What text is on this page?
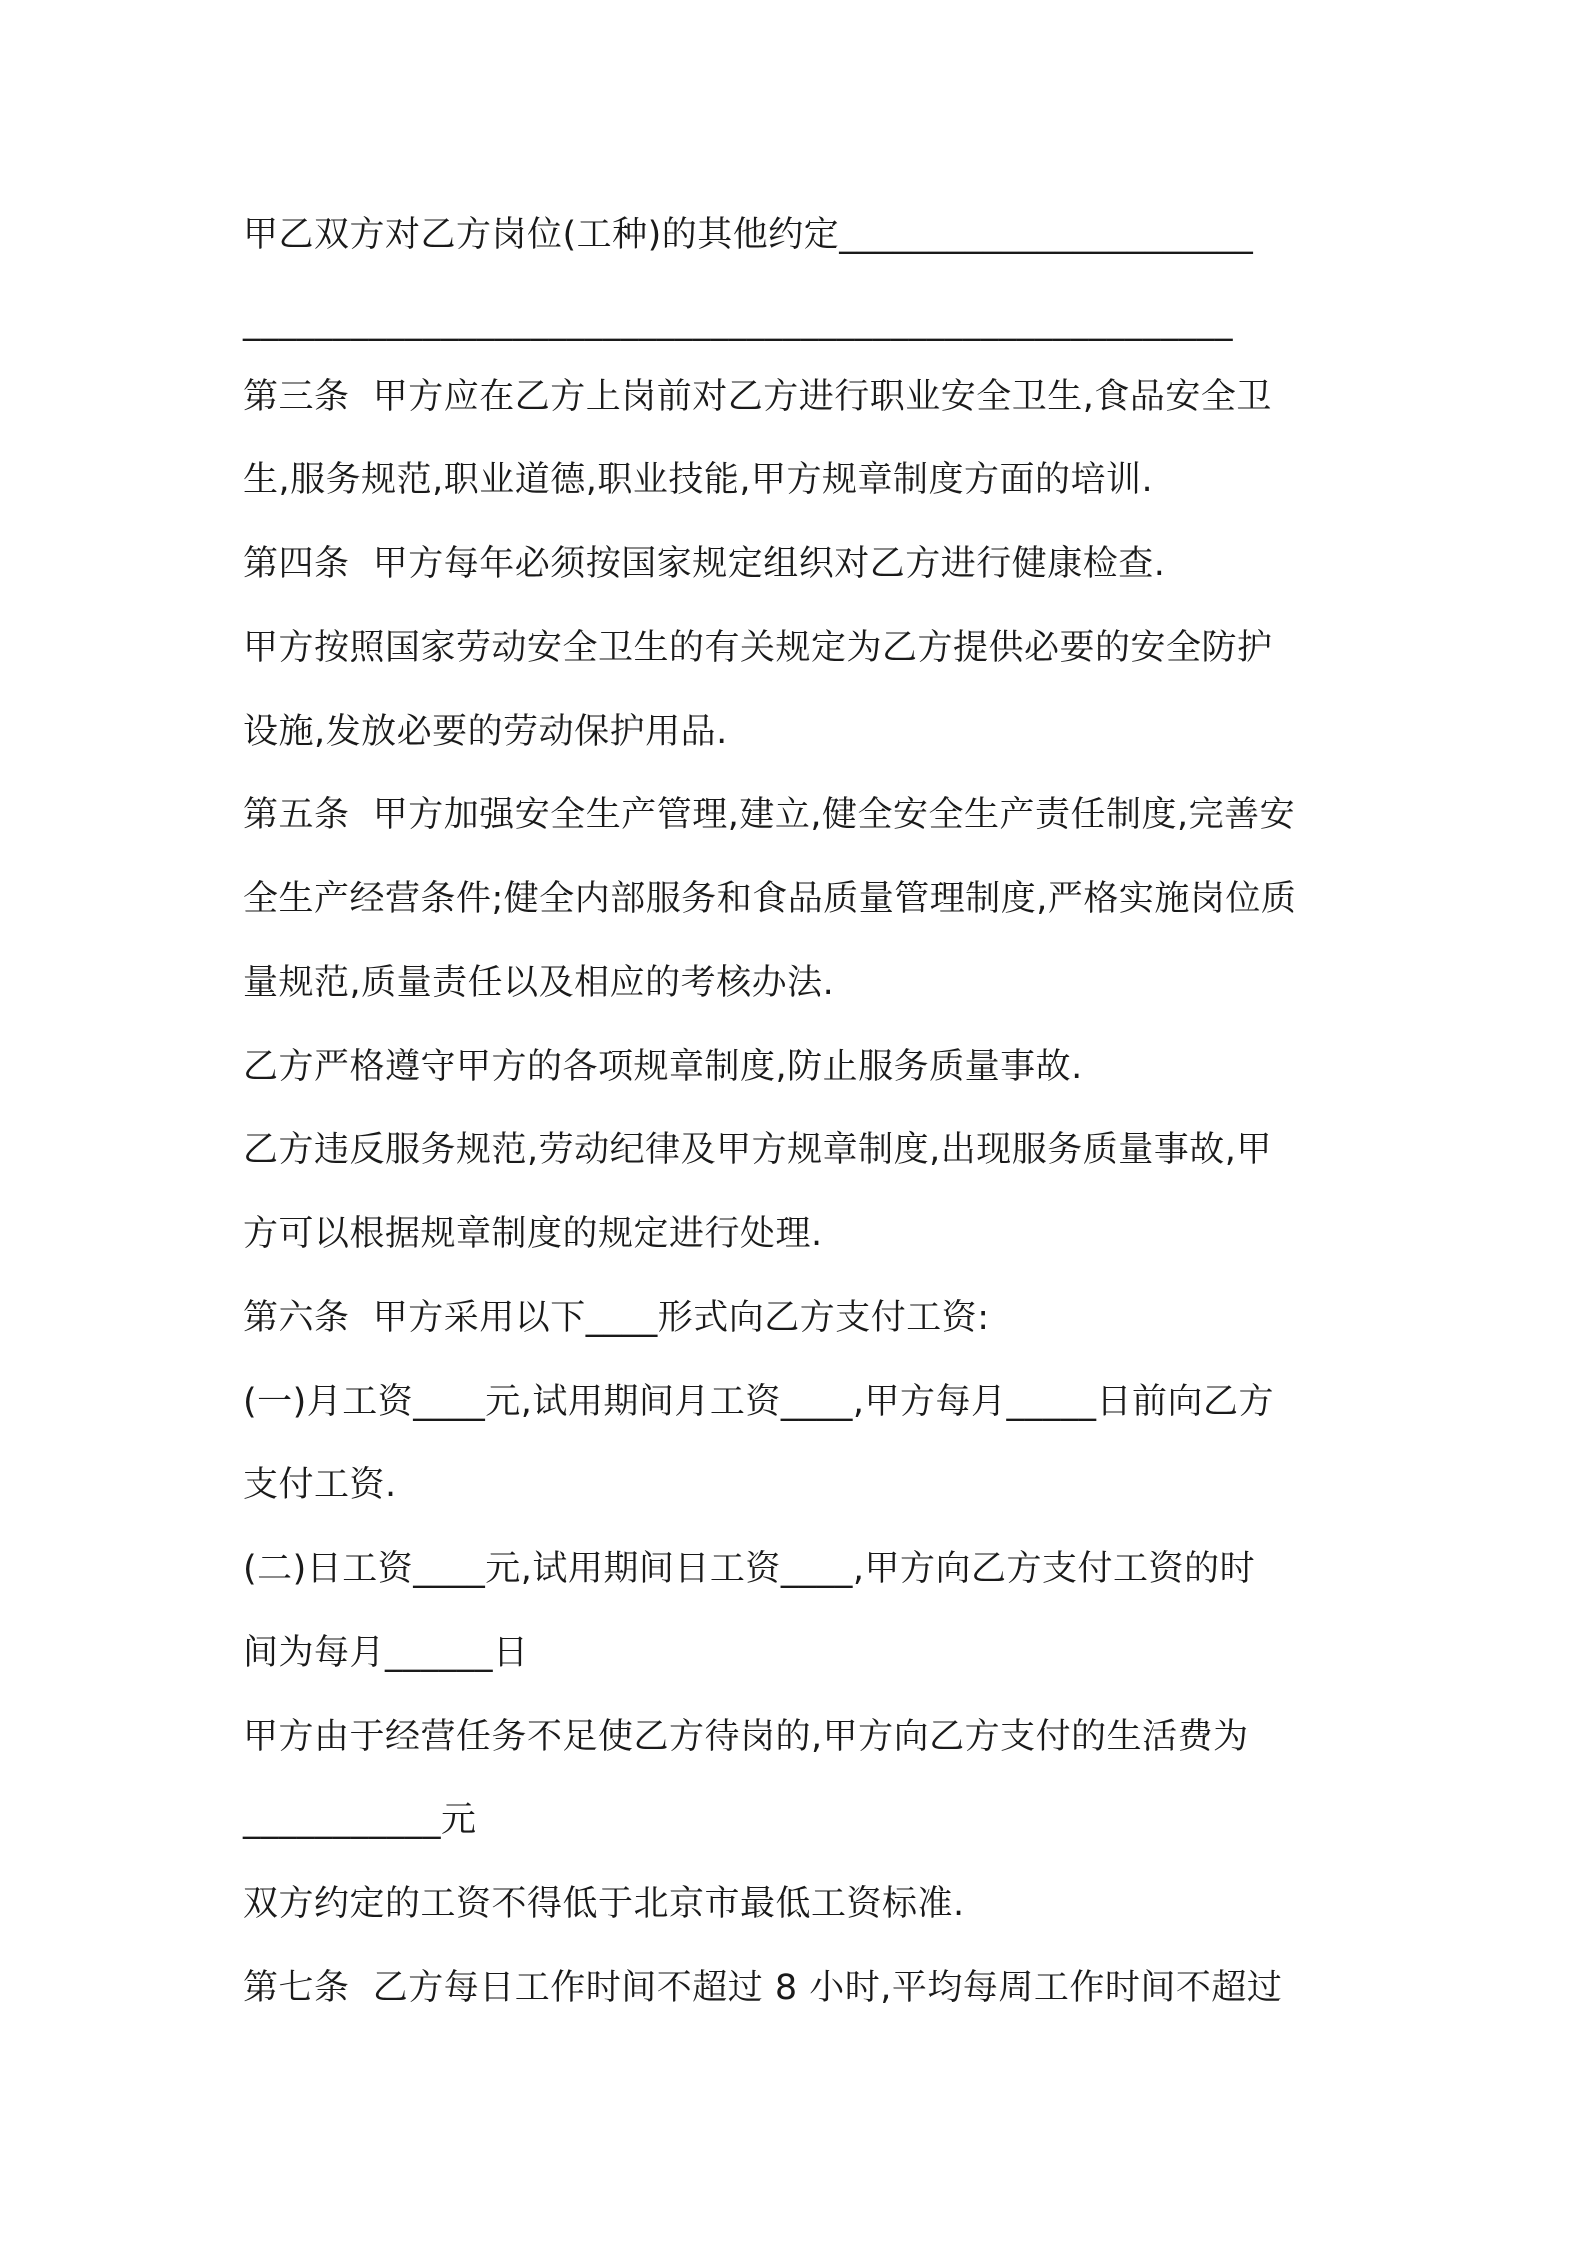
甲乙双方对乙方岗位(工种)的其他约定_______________________
_______________________________________________________
第三条  甲方应在乙方上岗前对乙方进行职业安全卫生,食品安全卫
生,服务规范,职业道德,职业技能,甲方规章制度方面的培训.
第四条  甲方每年必须按国家规定组织对乙方进行健康检查.
甲方按照国家劳动安全卫生的有关规定为乙方提供必要的安全防护
设施,发放必要的劳动保护用品.
第五条  甲方加强安全生产管理,建立,健全安全生产责任制度,完善安
全生产经营条件;健全内部服务和食品质量管理制度,严格实施岗位质
量规范,质量责任以及相应的考核办法.
乙方严格遵守甲方的各项规章制度,防止服务质量事故.
乙方违反服务规范,劳动纪律及甲方规章制度,出现服务质量事故,甲
方可以根据规章制度的规定进行处理.
第六条  甲方采用以下____形式向乙方支付工资:
(一)月工资____元,试用期间月工资____,甲方每月_____日前向乙方
支付工资.
(二)日工资____元,试用期间日工资____,甲方向乙方支付工资的时
间为每月______日
甲方由于经营任务不足使乙方待岗的,甲方向乙方支付的生活费为
___________元
双方约定的工资不得低于北京市最低工资标准.
第七条  乙方每日工作时间不超过 8 小时,平均每周工作时间不超过
